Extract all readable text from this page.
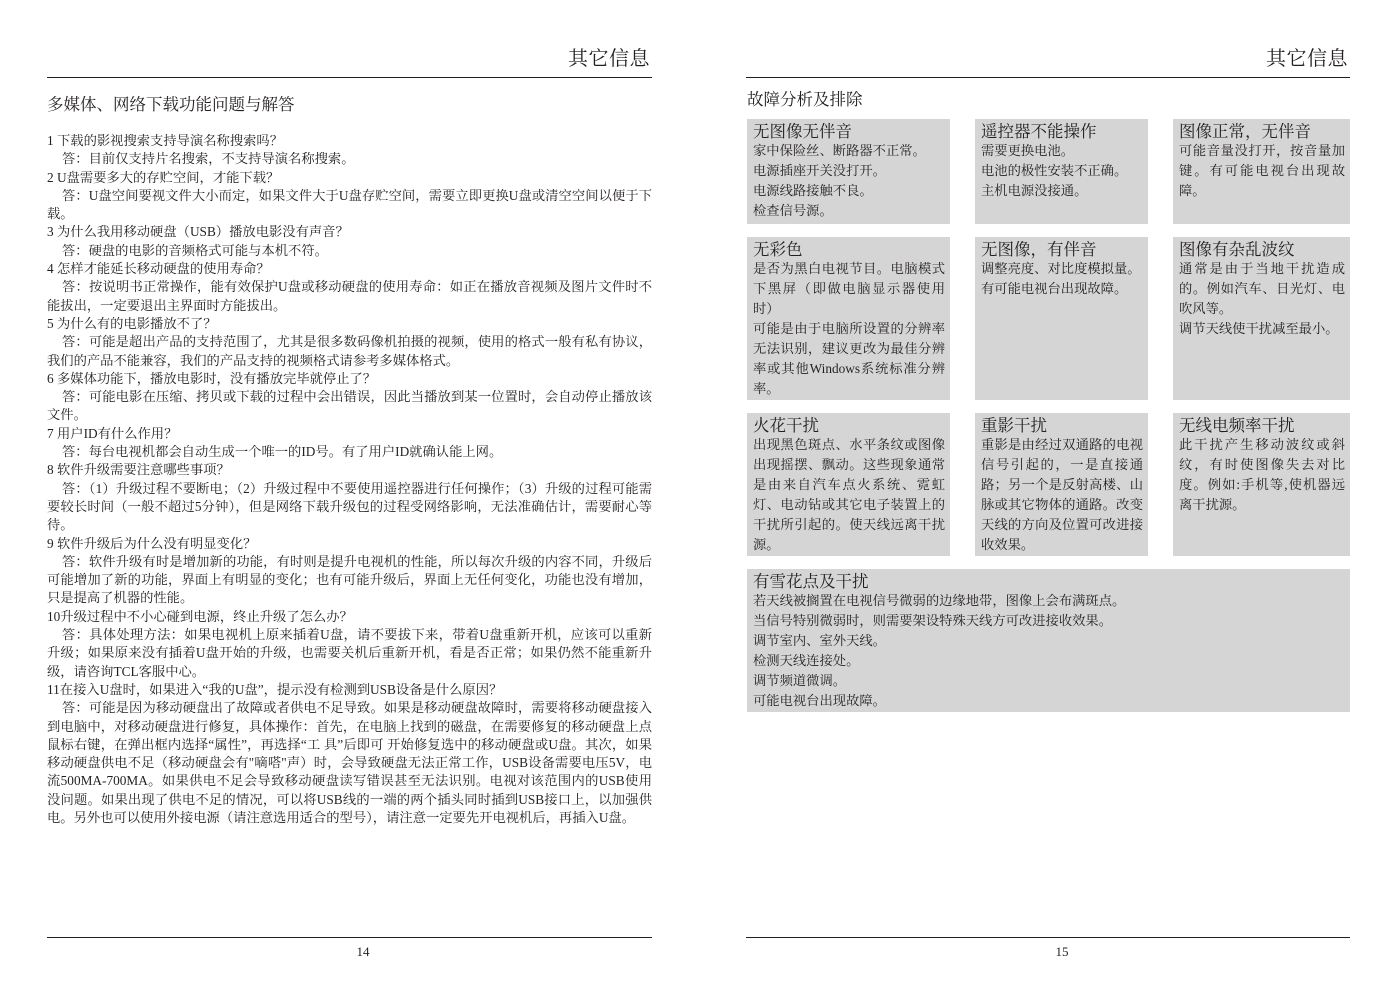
其它信息
多媒体、网络下载功能问题与解答

1 下载的影视搜索支持导演名称搜索吗？

答：目前仅支持片名搜索，不支持导演名称搜索。

2 U盘需要多大的存贮空间，才能下载？

答：U盘空间要视文件大小而定，如果文件大于U盘存贮空间，需要立即更换U盘或清空空间以便于下载。

3 为什么我用移动硬盘（USB）播放电影没有声音？

答：硬盘的电影的音频格式可能与本机不符。

4 怎样才能延长移动硬盘的使用寿命？

答：按说明书正常操作，能有效保护U盘或移动硬盘的使用寿命：如正在播放音视频及图片文件时不能拔出，一定要退出主界面时方能拔出。

5 为什么有的电影播放不了？

答：可能是超出产品的支持范围了，尤其是很多数码像机拍摄的视频，使用的格式一般有私有协议，我们的产品不能兼容，我们的产品支持的视频格式请参考多媒体格式。

6 多媒体功能下，播放电影时，没有播放完毕就停止了？

答：可能电影在压缩、拷贝或下载的过程中会出错误，因此当播放到某一位置时，会自动停止播放该文件。

7 用户ID有什么作用？

答：每台电视机都会自动生成一个唯一的ID号。有了用户ID就确认能上网。

8 软件升级需要注意哪些事项？

答：（1）升级过程不要断电；（2）升级过程中不要使用遥控器进行任何操作；（3）升级的过程可能需要较长时间（一般不超过5分钟），但是网络下载升级包的过程受网络影响，无法准确估计，需要耐心等待。

9 软件升级后为什么没有明显变化？

答：软件升级有时是增加新的功能，有时则是提升电视机的性能，所以每次升级的内容不同，升级后可能增加了新的功能，界面上有明显的变化；也有可能升级后，界面上无任何变化，功能也没有增加，只是提高了机器的性能。

10升级过程中不小心碰到电源，终止升级了怎么办？

答：具体处理方法：如果电视机上原来插着U盘，请不要拔下来，带着U盘重新开机，应该可以重新升级；如果原来没有插着U盘开始的升级，也需要关机后重新开机，看是否正常；如果仍然不能重新升级，请咨询TCL客服中心。

11在接入U盘时，如果进入“我的U盘”，提示没有检测到USB设备是什么原因？

答：可能是因为移动硬盘出了故障或者供电不足导致。如果是移动硬盘故障时，需要将移动硬盘接入到电脑中，对移动硬盘进行修复，具体操作：首先，在电脑上找到的磁盘，在需要修复的移动硬盘上点鼠标右键，在弹出框内选择“属性”，再选择“工 具”后即可 开始修复选中的移动硬盘或U盘。其次，如果移动硬盘供电不足（移动硬盘会有"嘀嗒"声）时，会导致硬盘无法正常工作，USB设备需要电压5V，电流500MA-700MA。如果供电不足会导致移动硬盘读写错误甚至无法识别。电视对该范围内的USB使用没问题。如果出现了供电不足的情况，可以将USB线的一端的两个插头同时插到USB接口上，以加强供电。另外也可以使用外接电源（请注意选用适合的型号），请注意一定要先开电视机后，再插入U盘。

14
其它信息
故障分析及排除
无图像无伴音

家中保险丝、断路器不正常。

电源插座开关没打开。

电源线路接触不良。

检查信号源。

遥控器不能操作

需要更换电池。

电池的极性安装不正确。

主机电源没接通。

图像正常，无伴音

可能音量没打开，按音量加键。有可能电视台出现故障。

无彩色

是否为黑白电视节目。电脑模式下黑屏（即做电脑显示器使用时）

可能是由于电脑所设置的分辨率无法识别，建议更改为最佳分辨率或其他Windows系统标准分辨率。

无图像，有伴音

调整亮度、对比度模拟量。

有可能电视台出现故障。

图像有杂乱波纹

通常是由于当地干扰造成的。例如汽车、日光灯、电吹风等。

调节天线使干扰减至最小。

火花干扰

出现黑色斑点、水平条纹或图像出现摇摆、飘动。这些现象通常是由来自汽车点火系统、霓虹灯、电动钻或其它电子装置上的干扰所引起的。使天线远离干扰源。

重影干扰

重影是由经过双通路的电视信号引起的，一是直接通路；另一个是反射高楼、山脉或其它物体的通路。改变天线的方向及位置可改进接收效果。

无线电频率干扰

此干扰产生移动波纹或斜纹，有时使图像失去对比度。例如:手机等,使机器远离干扰源。

有雪花点及干扰

若天线被搁置在电视信号微弱的边缘地带，图像上会布满斑点。

当信号特别微弱时，则需要架设特殊天线方可改进接收效果。

调节室内、室外天线。

检测天线连接处。

调节频道微调。

可能电视台出现故障。

15
